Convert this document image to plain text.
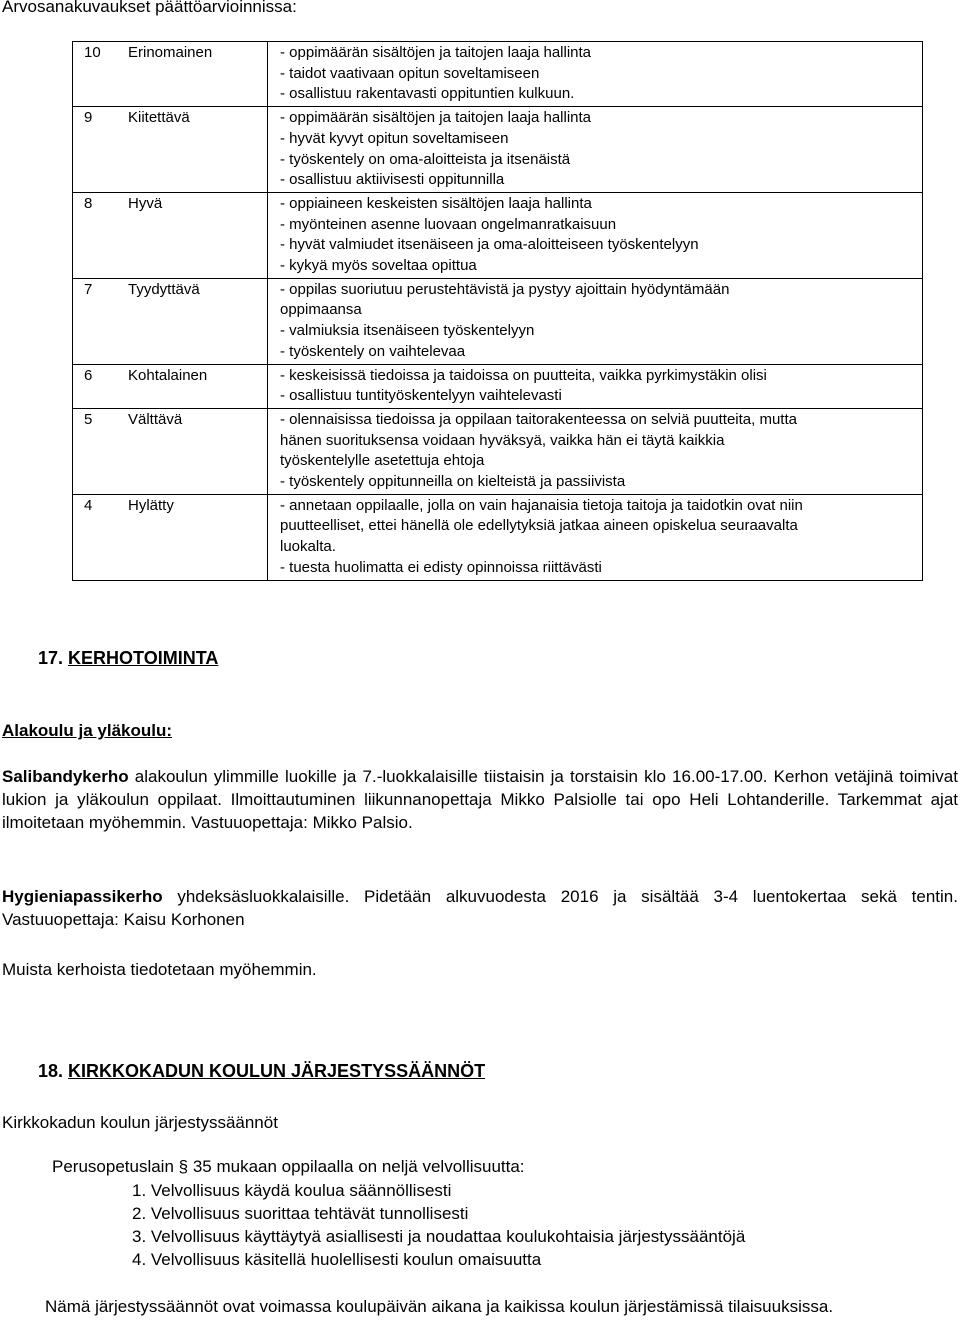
Arvosanakuvaukset päättöarvioinnissa:
10 Erinomainen	- oppimäärän sisältöjen ja taitojen laaja hallinta
- taidot vaativaan opitun soveltamiseen
- osallistuu rakentavasti oppituntien kulkuun.

9 Kiitettävä	- oppimäärän sisältöjen ja taitojen laaja hallinta
- hyvät kyvyt opitun soveltamiseen
- työskentely on oma-aloitteista ja itsenäistä
- osallistuu aktiivisesti oppitunnilla

8 Hyvä	- oppiaineen keskeisten sisältöjen laaja hallinta
- myönteinen asenne luovaan ongelmanratkaisuun
- hyvät valmiudet itsenäiseen ja oma-aloitteiseen työskentelyyn
- kykyä myös soveltaa opittua

7 Tyydyttävä	- oppilas suoriutuu perustehtävistä ja pystyy ajoittain hyödyntämään
oppimaansa
- valmiuksia itsenäiseen työskentelyyn
- työskentely on vaihtelevaa

6 Kohtalainen	- keskeisissä tiedoissa ja taidoissa on puutteita, vaikka pyrkimystäkin olisi
- osallistuu tuntityöskentelyyn vaihtelevasti

5 Välttävä	- olennaisissa tiedoissa ja oppilaan taitorakenteessa on selviä puutteita, mutta
hänen suorituksensa voidaan hyväksyä, vaikka hän ei täytä kaikkia
työskentelylle asetettuja ehtoja
- työskentely oppitunneilla on kielteistä ja passiivista

4 Hylätty	- annetaan oppilaalle, jolla on vain hajanaisia tietoja taitoja ja taidotkin ovat niin
puutteelliset, ettei hänellä ole edellytyksiä jatkaa aineen opiskelua seuraavalta
luokalta.
- tuesta huolimatta ei edisty opinnoissa riittävästi
17. KERHOTOIMINTA
Alakoulu ja yläkoulu:
Salibandykerho alakoulun ylimmille luokille ja 7.-luokkalaisille tiistaisin ja torstaisin klo 16.00-17.00. Kerhon vetäjinä toimivat lukion ja yläkoulun oppilaat. Ilmoittautuminen liikunnanopettaja Mikko Palsiolle tai opo Heli Lohtanderille. Tarkemmat ajat ilmoitetaan myöhemmin. Vastuuopettaja: Mikko Palsio.
Hygieniapassikerho yhdeksäsluokkalaisille. Pidetään alkuvuodesta 2016 ja sisältää 3-4 luentokertaa sekä tentin. Vastuuopettaja: Kaisu Korhonen
Muista kerhoista tiedotetaan myöhemmin.
18. KIRKKOKADUN KOULUN JÄRJESTYSSÄÄNNÖT
Kirkkokadun koulun järjestyssäännöt
Perusopetuslain § 35 mukaan oppilaalla on neljä velvollisuutta:
1. Velvollisuus käydä koulua säännöllisesti
2. Velvollisuus suorittaa tehtävät tunnollisesti
3. Velvollisuus käyttäytyä asiallisesti ja noudattaa koulukohtaisia järjestyssääntöjä
4. Velvollisuus käsitellä huolellisesti koulun omaisuutta
Nämä järjestyssäännöt ovat voimassa koulupäivän aikana ja kaikissa koulun järjestämissä tilaisuuksissa.
